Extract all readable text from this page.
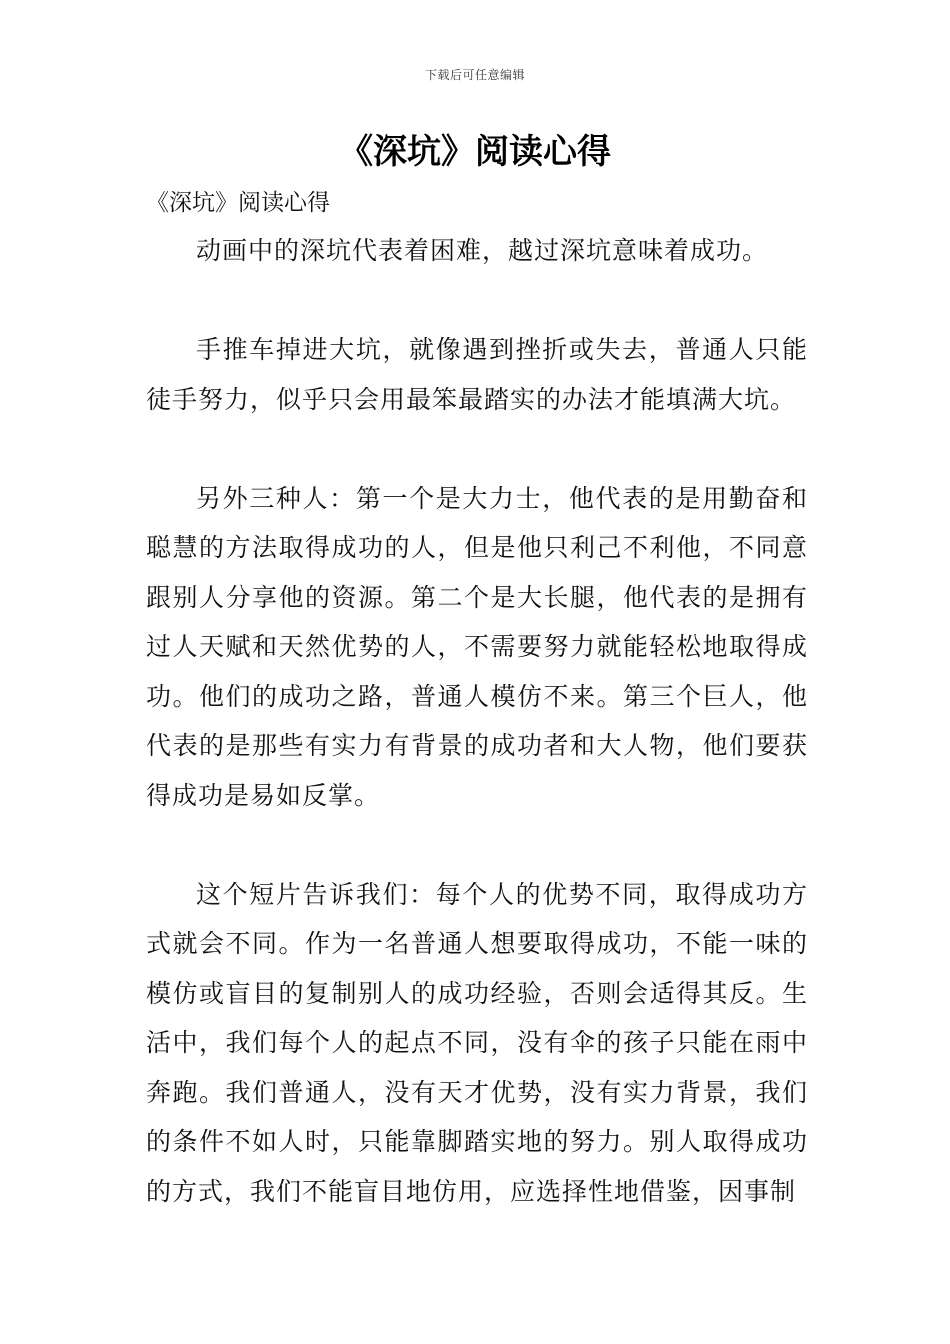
下载后可任意编辑
《深坑》阅读心得
《深坑》阅读心得

动画中的深坑代表着困难，越过深坑意味着成功。

手推车掉进大坑，就像遇到挫折或失去，普通人只能徒手努力，似乎只会用最笨最踏实的办法才能填满大坑。

另外三种人：第一个是大力士，他代表的是用勤奋和聪慧的方法取得成功的人，但是他只利己不利他，不同意跟别人分享他的资源。第二个是大长腿，他代表的是拥有过人天赋和天然优势的人，不需要努力就能轻松地取得成功。他们的成功之路，普通人模仿不来。第三个巨人，他代表的是那些有实力有背景的成功者和大人物，他们要获得成功是易如反掌。

这个短片告诉我们：每个人的优势不同，取得成功方式就会不同。作为一名普通人想要取得成功，不能一味的模仿或盲目的复制别人的成功经验，否则会适得其反。生活中，我们每个人的起点不同，没有伞的孩子只能在雨中奔跑。我们普通人，没有天才优势，没有实力背景，我们的条件不如人时，只能靠脚踏实地的努力。别人取得成功的方式，我们不能盲目地仿用，应选择性地借鉴，因事制
